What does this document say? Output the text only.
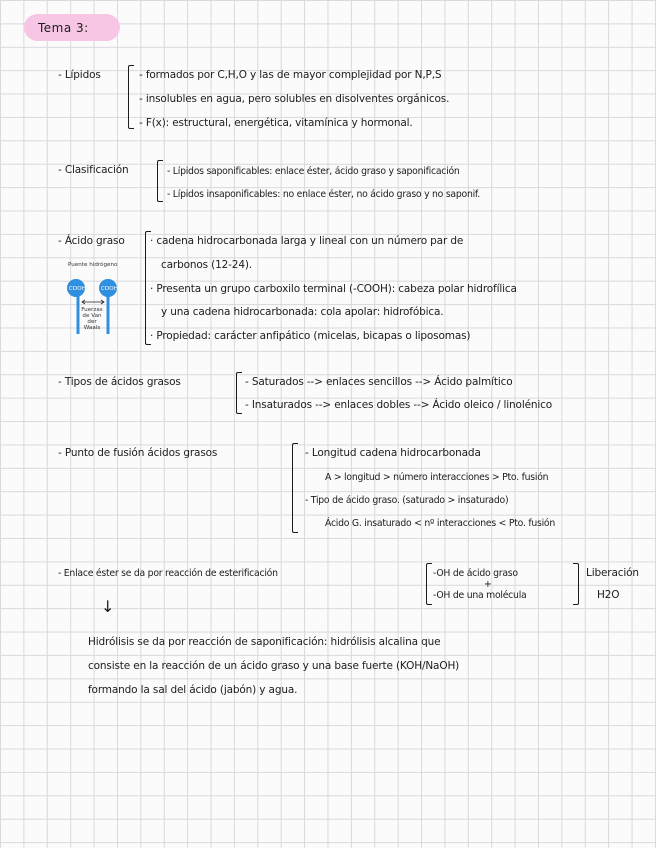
Tema 3:
- Lípidos	- formados por C,H,O y las de mayor complejidad por N,P,S
- insolubles en agua, pero solubles en disolventes orgánicos.
- F(x): estructural, energética, vitamínica y hormonal.
- Clasificación	- Lípidos saponificables: enlace éster, ácido graso y saponificación
- Lípidos insaponificables: no enlace éster, no ácido graso y no saponif.
- Ácido graso · cadena hidrocarbonada larga y lineal con un número par de
carbonos (12-24).
· Presenta un grupo carboxilo terminal (-COOH): cabeza polar hidrofílica
y una cadena hidrocarbonada: cola apolar: hidrofóbica.
· Propiedad: carácter anfipático (micelas, bicapas o liposomas)
Puente hidrógeno
COOH	COOH
Fuerzas de Van der Waals
- Tipos de ácidos grasos	- Saturados --> enlaces sencillos --> Ácido palmítico
- Insaturados --> enlaces dobles --> Ácido oleico / linolénico
- Punto de fusión ácidos grasos	- Longitud cadena hidrocarbonada
A > longitud > número interacciones > Pto. fusión
- Tipo de ácido graso. (saturado > insaturado)
Ácido G. insaturado < nº interacciones < Pto. fusión
- Enlace éster se da por reacción de esterificación	-OH de ácido graso
+
-OH de una molécula
Liberación
H2O
↓
Hidrólisis se da por reacción de saponificación: hidrólisis alcalina que
consiste en la reacción de un ácido graso y una base fuerte (KOH/NaOH)
formando la sal del ácido (jabón) y agua.
